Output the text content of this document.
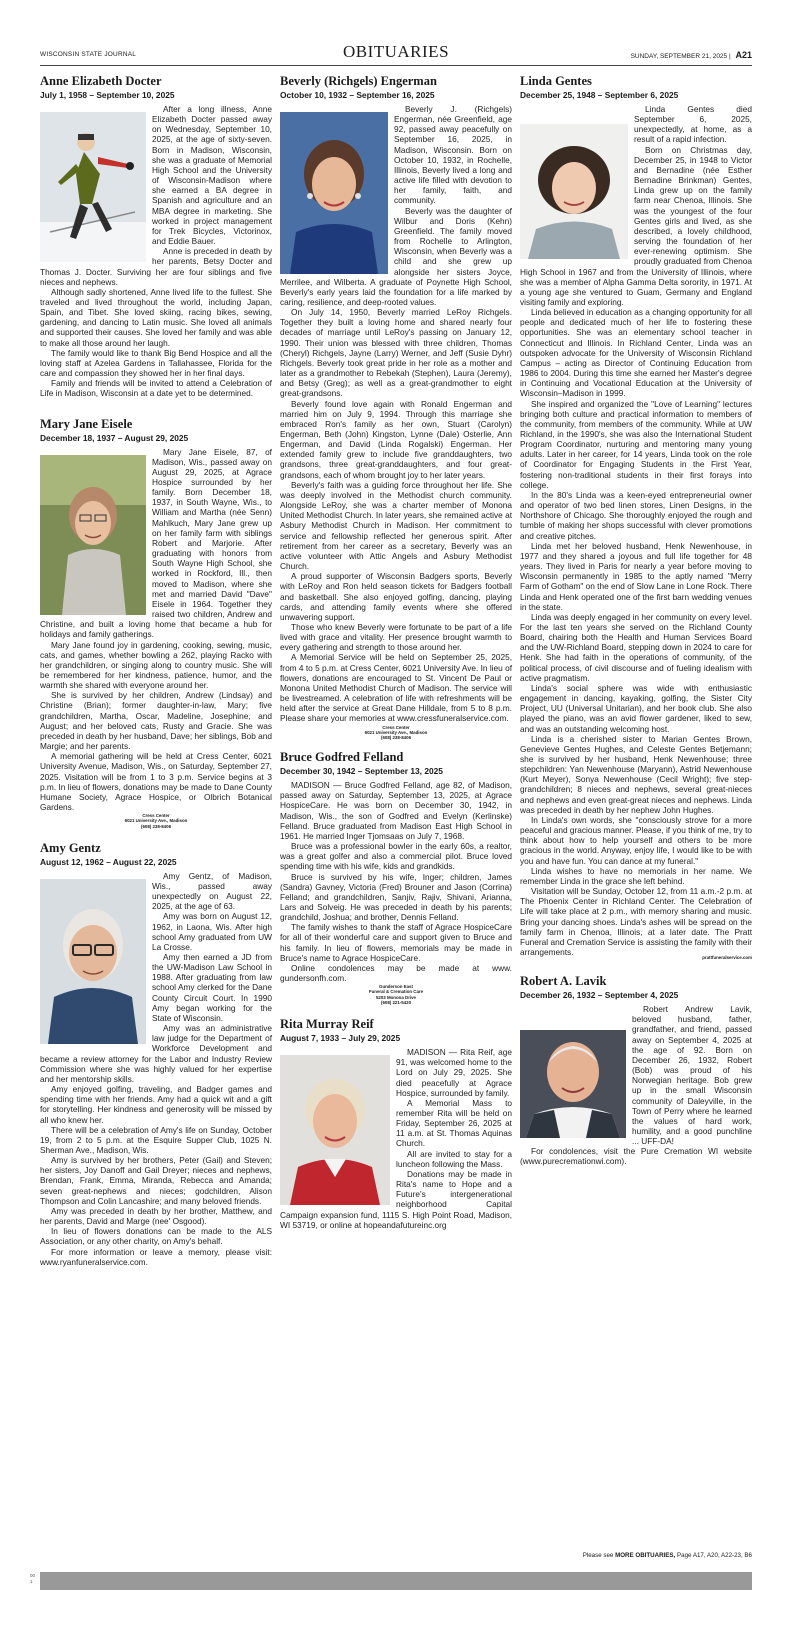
WISCONSIN STATE JOURNAL	OBITUARIES	SUNDAY, SEPTEMBER 21, 2025 | A21
Anne Elizabeth Docter
July 1, 1958 – September 10, 2025

After a long illness, Anne Elizabeth Docter passed away on Wednesday, September 10, 2025, at the age of sixty-seven. Born in Madison, Wisconsin, she was a graduate of Memorial High School and the University of Wisconsin-Madison where she earned a BA degree in Spanish and agriculture and an MBA degree in marketing. She worked in project management for Trek Bicycles, Victorinox, and Eddie Bauer.

Anne is preceded in death by her parents, Betsy Docter and Thomas J. Docter. Surviving her are four siblings and five nieces and nephews.

Although sadly shortened, Anne lived life to the fullest. She traveled and lived throughout the world, including Japan, Spain, and Tibet. She loved skiing, racing bikes, sewing, gardening, and dancing to Latin music. She loved all animals and supported their causes. She loved her family and was able to make all those around her laugh.

The family would like to thank Big Bend Hospice and all the loving staff at Azelea Gardens in Tallahassee, Florida for the care and compassion they showed her in her final days.

Family and friends will be invited to attend a Celebration of Life in Madison, Wisconsin at a date yet to be determined.

Mary Jane Eisele
December 18, 1937 – August 29, 2025

Mary Jane Eisele, 87, of Madison, Wis., passed away on August 29, 2025, at Agrace Hospice surrounded by her family. Born December 18, 1937, in South Wayne, Wis., to William and Martha (née Senn) Mahlkuch, Mary Jane grew up on her family farm with siblings Robert and Marjorie. After graduating with honors from South Wayne High School, she worked in Rockford, Ill., then moved to Madison, where she met and married David "Dave" Eisele in 1964. Together they raised two children, Andrew and Christine, and built a loving home that became a hub for holidays and family gatherings.

Mary Jane found joy in gardening, cooking, sewing, music, cats, and games, whether bowling a 262, playing Racko with her grandchildren, or singing along to country music. She will be remembered for her kindness, patience, humor, and the warmth she shared with everyone around her.

She is survived by her children, Andrew (Lindsay) and Christine (Brian); former daughter-in-law, Mary; five grandchildren, Martha, Oscar, Madeline, Josephine, and August; and her beloved cats, Rusty and Gracie. She was preceded in death by her husband, Dave; her siblings, Bob and Margie; and her parents.

A memorial gathering will be held at Cress Center, 6021 University Avenue, Madison, Wis., on Saturday, September 27, 2025. Visitation will be from 1 to 3 p.m. Service begins at 3 p.m. In lieu of flowers, donations may be made to Dane County Humane Society, Agrace Hospice, or Olbrich Botanical Gardens.

Cress Center
6021 University Ave., Madison
(608) 238-8406
Amy Gentz
August 12, 1962 – August 22, 2025

Amy Gentz, of Madison, Wis., passed away unexpectedly on August 22, 2025, at the age of 63.

Amy was born on August 12, 1962, in Laona, Wis. After high school Amy graduated from UW La Crosse.

Amy then earned a JD from the UW-Madison Law School in 1988. After graduating from law school Amy clerked for the Dane County Circuit Court. In 1990 Amy began working for the State of Wisconsin.

Amy was an administrative law judge for the Department of Workforce Development and became a review attorney for the Labor and Industry Review Commission where she was highly valued for her expertise and her mentorship skills.

Amy enjoyed golfing, traveling, and Badger games and spending time with her friends. Amy had a quick wit and a gift for storytelling. Her kindness and generosity will be missed by all who knew her.

There will be a celebration of Amy's life on Sunday, October 19, from 2 to 5 p.m. at the Esquire Supper Club, 1025 N. Sherman Ave., Madison, Wis.

Amy is survived by her brothers, Peter (Gail) and Steven; her sisters, Joy Danoff and Gail Dreyer; nieces and nephews, Brendan, Frank, Emma, Miranda, Rebecca and Amanda; seven great-nephews and nieces; godchildren, Alison Thompson and Colin Lancashire; and many beloved friends.

Amy was preceded in death by her brother, Matthew, and her parents, David and Marge (nee' Osgood).

In lieu of flowers donations can be made to the ALS Association, or any other charity, on Amy's behalf.

For more information or leave a memory, please visit: www.ryanfuneralservice.com.

Beverly (Richgels) Engerman
October 10, 1932 – September 16, 2025

Beverly J. (Richgels) Engerman, née Greenfield, age 92, passed away peacefully on September 16, 2025, in Madison, Wisconsin. Born on October 10, 1932, in Rochelle, Illinois, Beverly lived a long and active life filled with devotion to her family, faith, and community.

Beverly was the daughter of Wilbur and Doris (Kehn) Greenfield. The family moved from Rochelle to Arlington, Wisconsin, when Beverly was a child and she grew up alongside her sisters Joyce, Merrilee, and Wilberta. A graduate of Poynette High School, Beverly's early years laid the foundation for a life marked by caring, resilience, and deep-rooted values.

On July 14, 1950, Beverly married LeRoy Richgels. Together they built a loving home and shared nearly four decades of marriage until LeRoy's passing on January 12, 1990. Their union was blessed with three children, Thomas (Cheryl) Richgels, Jayne (Larry) Werner, and Jeff (Susie Dyhr) Richgels. Beverly took great pride in her role as a mother and later as a grandmother to Rebekah (Stephen), Laura (Jeremy), and Betsy (Greg); as well as a great-grandmother to eight great-grandsons.

Beverly found love again with Ronald Engerman and married him on July 9, 1994. Through this marriage she embraced Ron's family as her own, Stuart (Carolyn) Engerman, Beth (John) Kingston, Lynne (Dale) Osterlie, Ann Engerman, and David (Linda Rogalski) Engerman. Her extended family grew to include five granddaughters, two grandsons, three great-granddaughters, and four great-grandsons, each of whom brought joy to her later years.

Beverly's faith was a guiding force throughout her life. She was deeply involved in the Methodist church community. Alongside LeRoy, she was a charter member of Monona United Methodist Church. In later years, she remained active at Asbury Methodist Church in Madison. Her commitment to service and fellowship reflected her generous spirit. After retirement from her career as a secretary, Beverly was an active volunteer with Attic Angels and Asbury Methodist Church.

A proud supporter of Wisconsin Badgers sports, Beverly with LeRoy and Ron held season tickets for Badgers football and basketball. She also enjoyed golfing, dancing, playing cards, and attending family events where she offered unwavering support.

Those who knew Beverly were fortunate to be part of a life lived with grace and vitality. Her presence brought warmth to every gathering and strength to those around her.

A Memorial Service will be held on September 25, 2025, from 4 to 5 p.m. at Cress Center, 6021 University Ave. In lieu of flowers, donations are encouraged to St. Vincent De Paul or Monona United Methodist Church of Madison. The service will be livestreamed. A celebration of life with refreshments will be held after the service at Great Dane Hilldale, from 5 to 8 p.m. Please share your memories at www.cressfuneralservice.com.

Cress Center
6021 University Ave., Madison
(608) 238-8406
Bruce Godfred Felland
December 30, 1942 – September 13, 2025

MADISON — Bruce Godfred Felland, age 82, of Madison, passed away on Saturday, September 13, 2025, at Agrace HospiceCare. He was born on December 30, 1942, in Madison, Wis., the son of Godfred and Evelyn (Kerlinske) Felland. Bruce graduated from Madison East High School in 1961. He married Inger Tjomsaas on July 7, 1968.

Bruce was a professional bowler in the early 60s, a realtor, was a great golfer and also a commercial pilot. Bruce loved spending time with his wife, kids and grandkids.

Bruce is survived by his wife, Inger; children, James (Sandra) Gavney, Victoria (Fred) Brouner and Jason (Corrina) Felland; and grandchildren, Sanjiv, Rajiv, Shivani, Arianna, Lars and Solveig. He was preceded in death by his parents; grandchild, Joshua; and brother, Dennis Felland.

The family wishes to thank the staff of Agrace HospiceCare for all of their wonderful care and support given to Bruce and his family. In lieu of flowers, memorials may be made in Bruce's name to Agrace HospiceCare.

Online condolences may be made at www. gundersonfh.com.

Gunderson East
Funeral & Cremation Care
5203 Monona Drive
(608) 221-5420
Rita Murray Reif
August 7, 1933 – July 29, 2025

MADISON — Rita Reif, age 91, was welcomed home to the Lord on July 29, 2025. She died peacefully at Agrace Hospice, surrounded by family.

A Memorial Mass to remember Rita will be held on Friday, September 26, 2025 at 11 a.m. at St. Thomas Aquinas Church.

All are invited to stay for a luncheon following the Mass.

Donations may be made in Rita's name to Hope and a Future's intergenerational neighborhood Capital Campaign expansion fund, 1115 S. High Point Road, Madison, WI 53719, or online at hopeandafutureinc.org

Linda Gentes
December 25, 1948 – September 6, 2025

Linda Gentes died September 6, 2025, unexpectedly, at home, as a result of a rapid infection.

Born on Christmas day, December 25, in 1948 to Victor and Bernadine (née Esther Bernadine Brinkman) Gentes, Linda grew up on the family farm near Chenoa, Illinois. She was the youngest of the four Gentes girls and lived, as she described, a lovely childhood, serving the foundation of her ever-renewing optimism. She proudly graduated from Chenoa High School in 1967 and from the University of Illinois, where she was a member of Alpha Gamma Delta sorority, in 1971. At a young age she ventured to Guam, Germany and England visiting family and exploring.

Linda believed in education as a changing opportunity for all people and dedicated much of her life to fostering these opportunities. She was an elementary school teacher in Connecticut and Illinois. In Richland Center, Linda was an outspoken advocate for the University of Wisconsin Richland Campus – acting as Director of Continuing Education from 1986 to 2004. During this time she earned her Master's degree in Continuing and Vocational Education at the University of Wisconsin–Madison in 1999.

She inspired and organized the "Love of Learning" lectures bringing both culture and practical information to members of the community, from members of the community. While at UW Richland, in the 1990's, she was also the International Student Program Coordinator, nurturing and mentoring many young adults. Later in her career, for 14 years, Linda took on the role of Coordinator for Engaging Students in the First Year, fostering non-traditional students in their first forays into college.

In the 80's Linda was a keen-eyed entrepreneurial owner and operator of two bed linen stores, Linen Designs, in the Northshore of Chicago. She thoroughly enjoyed the rough and tumble of making her shops successful with clever promotions and creative pitches.

Linda met her beloved husband, Henk Newenhouse, in 1977 and they shared a joyous and full life together for 48 years. They lived in Paris for nearly a year before moving to Wisconsin permanently in 1985 to the aptly named "Merry Farm of Gotham" on the end of Slow Lane in Lone Rock. There Linda and Henk operated one of the first barn wedding venues in the state.

Linda was deeply engaged in her community on every level. For the last ten years she served on the Richland County Board, chairing both the Health and Human Services Board and the UW-Richland Board, stepping down in 2024 to care for Henk. She had faith in the operations of community, of the political process, of civil discourse and of fueling idealism with active pragmatism.

Linda's social sphere was wide with enthusiastic engagement in dancing, kayaking, golfing, the Sister City Project, UU (Universal Unitarian), and her book club. She also played the piano, was an avid flower gardener, liked to sew, and was an outstanding welcoming host.

Linda is a cherished sister to Marian Gentes Brown, Genevieve Gentes Hughes, and Celeste Gentes Betjemann; she is survived by her husband, Henk Newenhouse; three stepchildren: Yan Newenhouse (Maryann), Astrid Newenhouse (Kurt Meyer), Sonya Newenhouse (Cecil Wright); five step-grandchildren; 8 nieces and nephews, several great-nieces and nephews and even great-great nieces and nephews. Linda was preceded in death by her nephew John Hughes.

In Linda's own words, she "consciously strove for a more peaceful and gracious manner. Please, if you think of me, try to think about how to help yourself and others to be more gracious in the world. Anyway, enjoy life, I would like to be with you and have fun. You can dance at my funeral."

Linda wishes to have no memorials in her name. We remember Linda in the grace she left behind.

Visitation will be Sunday, October 12, from 11 a.m.-2 p.m. at The Phoenix Center in Richland Center. The Celebration of Life will take place at 2 p.m., with memory sharing and music. Bring your dancing shoes. Linda's ashes will be spread on the family farm in Chenoa, Illinois, at a later date. The Pratt Funeral and Cremation Service is assisting the family with their arrangements.

prattfuneralservice.com
Robert A. Lavik
December 26, 1932 – September 4, 2025

Robert Andrew Lavik, beloved husband, father, grandfather, and friend, passed away on September 4, 2025 at the age of 92. Born on December 26, 1932, Robert (Bob) was proud of his Norwegian heritage. Bob grew up in the small Wisconsin community of Daleyville, in the Town of Perry where he learned the values of hard work, humility, and a good punchline ... UFF-DA!

For condolences, visit the Pure Cremation WI website (www.purecremationwi.com).

Please see MORE OBITUARIES, Page A17, A20, A22-23, B6
00
1
